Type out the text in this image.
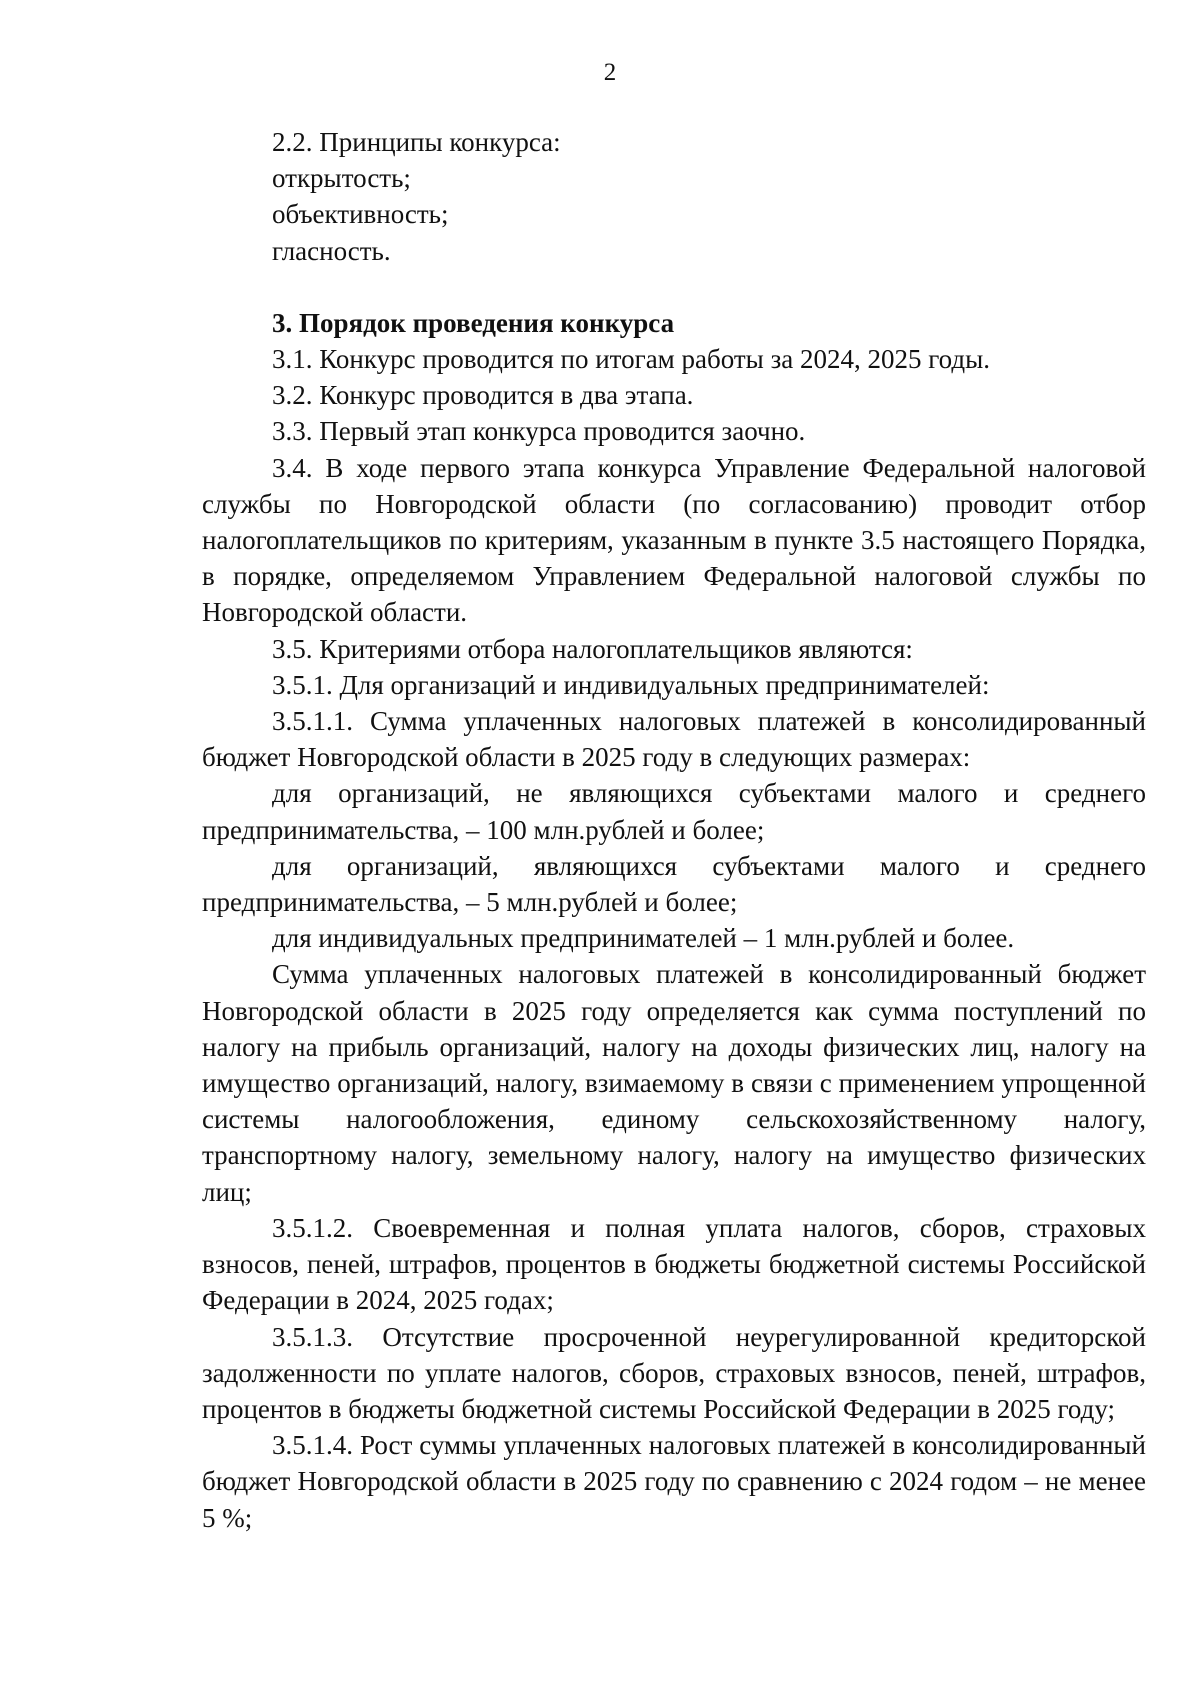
2

2.2. Принципы конкурса:

открытость;

объективность;

гласность.

3. Порядок проведения конкурса

3.1. Конкурс проводится по итогам работы за 2024, 2025 годы.

3.2. Конкурс проводится в два этапа.

3.3. Первый этап конкурса проводится заочно.

3.4. В ходе первого этапа конкурса Управление Федеральной налоговой службы по Новгородской области (по согласованию) проводит отбор налогоплательщиков по критериям, указанным в пункте 3.5 настоящего Порядка, в порядке, определяемом Управлением Федеральной налоговой службы по Новгородской области.

3.5. Критериями отбора налогоплательщиков являются:

3.5.1. Для организаций и индивидуальных предпринимателей:

3.5.1.1. Сумма уплаченных налоговых платежей в консолидированный бюджет Новгородской области в 2025 году в следующих размерах:

для организаций, не являющихся субъектами малого и среднего предпринимательства, – 100 млн.рублей и более;

для организаций, являющихся субъектами малого и среднего предпринимательства, – 5 млн.рублей и более;

для индивидуальных предпринимателей – 1 млн.рублей и более.

Сумма уплаченных налоговых платежей в консолидированный бюджет Новгородской области в 2025 году определяется как сумма поступлений по налогу на прибыль организаций, налогу на доходы физических лиц, налогу на имущество организаций, налогу, взимаемому в связи с применением упрощенной системы налогообложения, единому сельскохозяйственному налогу, транспортному налогу, земельному налогу, налогу на имущество физических лиц;

3.5.1.2. Своевременная и полная уплата налогов, сборов, страховых взносов, пеней, штрафов, процентов в бюджеты бюджетной системы Российской Федерации в 2024, 2025 годах;

3.5.1.3. Отсутствие просроченной неурегулированной кредиторской задолженности по уплате налогов, сборов, страховых взносов, пеней, штрафов, процентов в бюджеты бюджетной системы Российской Федерации в 2025 году;

3.5.1.4. Рост суммы уплаченных налоговых платежей в консолидированный бюджет Новгородской области в 2025 году по сравнению с 2024 годом – не менее 5 %;
